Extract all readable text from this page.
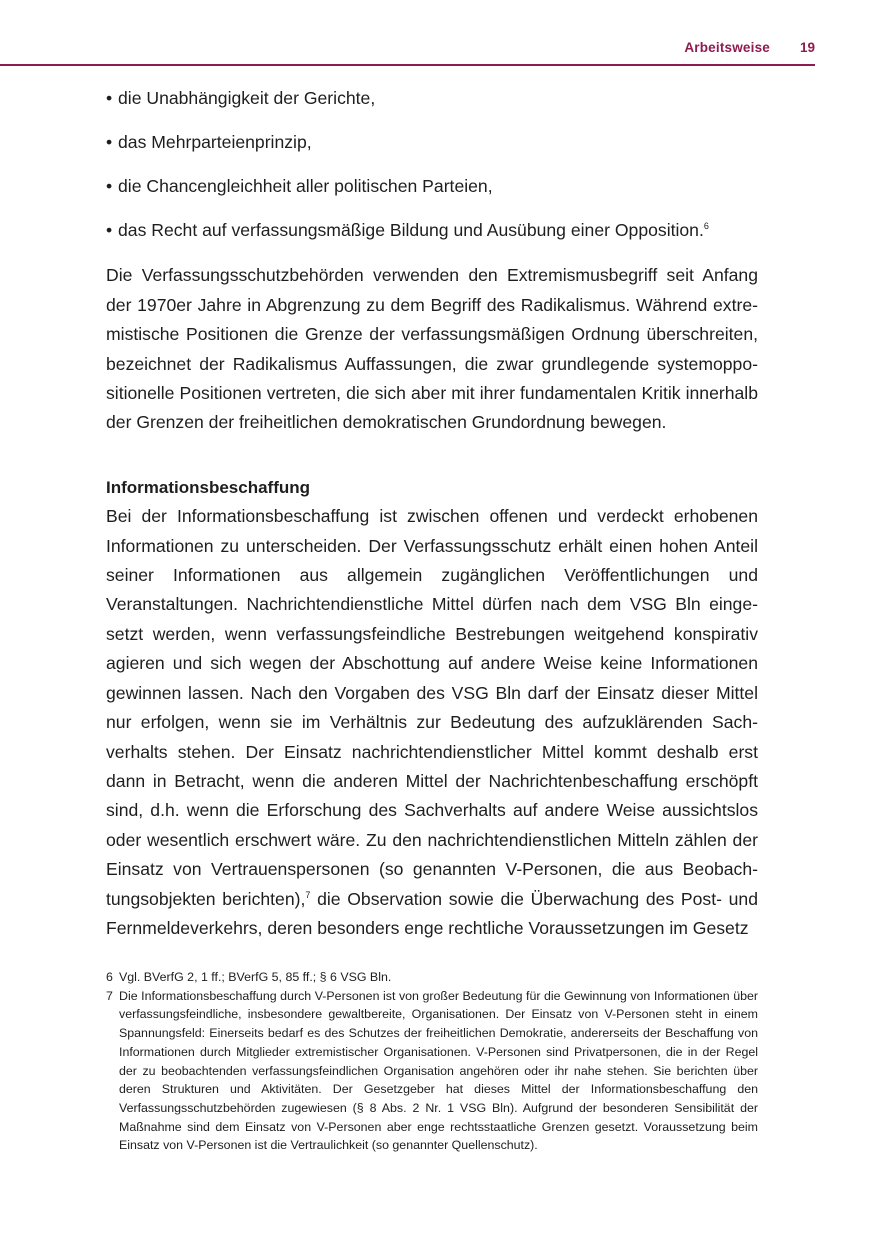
Arbeitsweise 19
• die Unabhängigkeit der Gerichte,
• das Mehrparteienprinzip,
• die Chancengleichheit aller politischen Parteien,
• das Recht auf verfassungsmäßige Bildung und Ausübung einer Opposition.$^6$

Die Verfassungsschutzbehörden verwenden den Extremismusbegriff seit Anfang der 1970er Jahre in Abgrenzung zu dem Begriff des Radikalismus. Während extremistische Positionen die Grenze der verfassungsmäßigen Ordnung überschreiten, bezeichnet der Radikalismus Auffassungen, die zwar grundlegende systemoppositionelle Positionen vertreten, die sich aber mit ihrer fundamentalen Kritik innerhalb der Grenzen der freiheitlichen demokratischen Grundordnung bewegen.

Informationsbeschaffung

Bei der Informationsbeschaffung ist zwischen offenen und verdeckt erhobenen Informationen zu unterscheiden. Der Verfassungsschutz erhält einen hohen Anteil seiner Informationen aus allgemein zugänglichen Veröffentlichungen und Veranstaltungen. Nachrichtendienstliche Mittel dürfen nach dem VSG Bln eingesetzt werden, wenn verfassungsfeindliche Bestrebungen weitgehend konspirativ agieren und sich wegen der Abschottung auf andere Weise keine Informationen gewinnen lassen. Nach den Vorgaben des VSG Bln darf der Einsatz dieser Mittel nur erfolgen, wenn sie im Verhältnis zur Bedeutung des aufzuklärenden Sachverhalts stehen. Der Einsatz nachrichtendienstlicher Mittel kommt deshalb erst dann in Betracht, wenn die anderen Mittel der Nachrichtenbeschaffung erschöpft sind, d.h. wenn die Erforschung des Sachverhalts auf andere Weise aussichtslos oder wesentlich erschwert wäre. Zu den nachrichtendienstlichen Mitteln zählen der Einsatz von Vertrauenspersonen (so genannten V-Personen, die aus Beobachtungsobjekten berichten),$^7$ die Observation sowie die Überwachung des Post- und Fernmeldeverkehrs, deren besonders enge rechtliche Voraussetzungen im Gesetz

6 Vgl. BVerfG 2, 1 ff.; BVerfG 5, 85 ff.; § 6 VSG Bln.
7 Die Informationsbeschaffung durch V-Personen ist von großer Bedeutung für die Gewinnung von Informationen über verfassungsfeindliche, insbesondere gewaltbereite, Organisationen. Der Einsatz von V-Personen steht in einem Spannungsfeld: Einerseits bedarf es des Schutzes der freiheitlichen Demokratie, andererseits der Beschaffung von Informationen durch Mitglieder extremistischer Organisationen. V-Personen sind Privatpersonen, die in der Regel der zu beobachtenden verfassungsfeindlichen Organisation angehören oder ihr nahe stehen. Sie berichten über deren Strukturen und Aktivitäten. Der Gesetzgeber hat dieses Mittel der Informationsbeschaffung den Verfassungsschutzbehörden zugewiesen (§ 8 Abs. 2 Nr. 1 VSG Bln). Aufgrund der besonderen Sensibilität der Maßnahme sind dem Einsatz von V-Personen aber enge rechtsstaatliche Grenzen gesetzt. Voraussetzung beim Einsatz von V-Personen ist die Vertraulichkeit (so genannter Quellenschutz).
